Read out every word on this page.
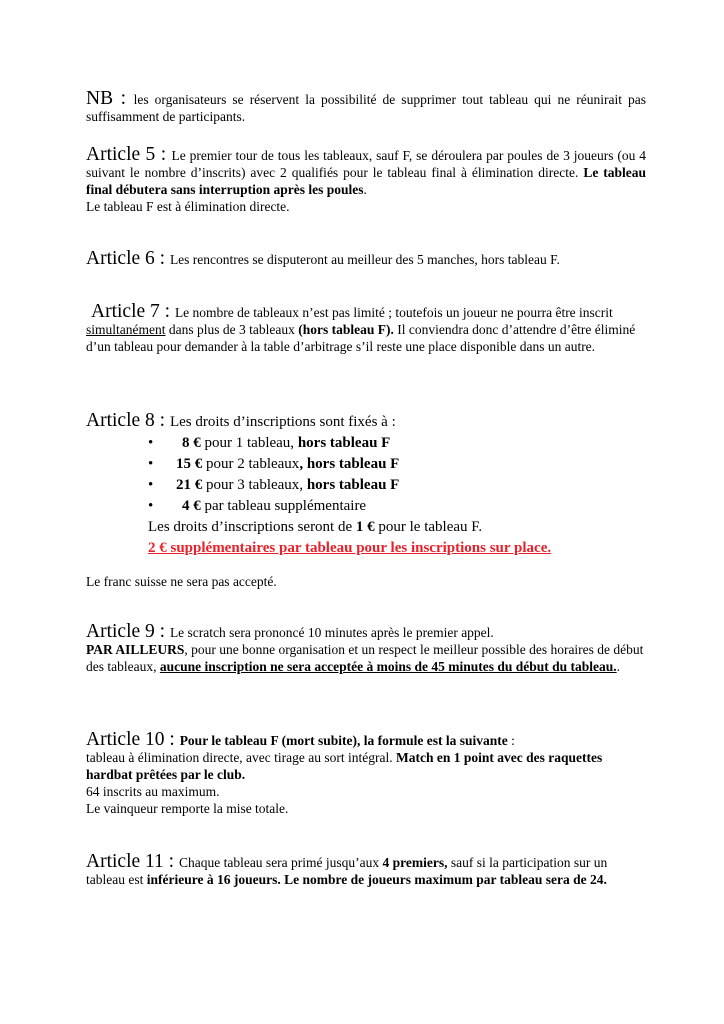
NB : les organisateurs se réservent la possibilité de supprimer tout tableau qui ne réunirait pas suffisamment de participants.

Article 5 : Le premier tour de tous les tableaux, sauf F, se déroulera par poules de 3 joueurs (ou 4 suivant le nombre d’inscrits) avec 2 qualifiés pour le tableau final à élimination directe. Le tableau final débutera sans interruption après les poules.

Le tableau F est à élimination directe.

Article 6 : Les rencontres se disputeront au meilleur des 5 manches, hors tableau F.

Article 7 : Le nombre de tableaux n’est pas limité ; toutefois un joueur ne pourra être inscrit simultanément dans plus de 3 tableaux (hors tableau F). Il conviendra donc d’attendre d’être éliminé d’un tableau pour demander à la table d’arbitrage s’il reste une place disponible dans un autre.

Article 8 : Les droits d’inscriptions sont fixés à :

•	8 € pour 1 tableau, hors tableau F
•	15 € pour 2 tableaux, hors tableau F
•	21 € pour 3 tableaux, hors tableau F
•	4 € par tableau supplémentaire
Les droits d’inscriptions seront de 1 € pour le tableau F.
2 € supplémentaires par tableau pour les inscriptions sur place.

Le franc suisse ne sera pas accepté.

Article 9 : Le scratch sera prononcé 10 minutes après le premier appel.

PAR AILLEURS, pour une bonne organisation et un respect le meilleur possible des horaires de début des tableaux, aucune inscription ne sera acceptée à moins de 45 minutes du début du tableau..

Article 10 : Pour le tableau F (mort subite), la formule est la suivante :

tableau à élimination directe, avec tirage au sort intégral. Match en 1 point avec des raquettes hardbat prêtées par le club.

64 inscrits au maximum.

Le vainqueur remporte la mise totale.

Article 11 : Chaque tableau sera primé jusqu’aux 4 premiers, sauf si la participation sur un tableau est inférieure à 16 joueurs. Le nombre de joueurs maximum par tableau sera de 24.
